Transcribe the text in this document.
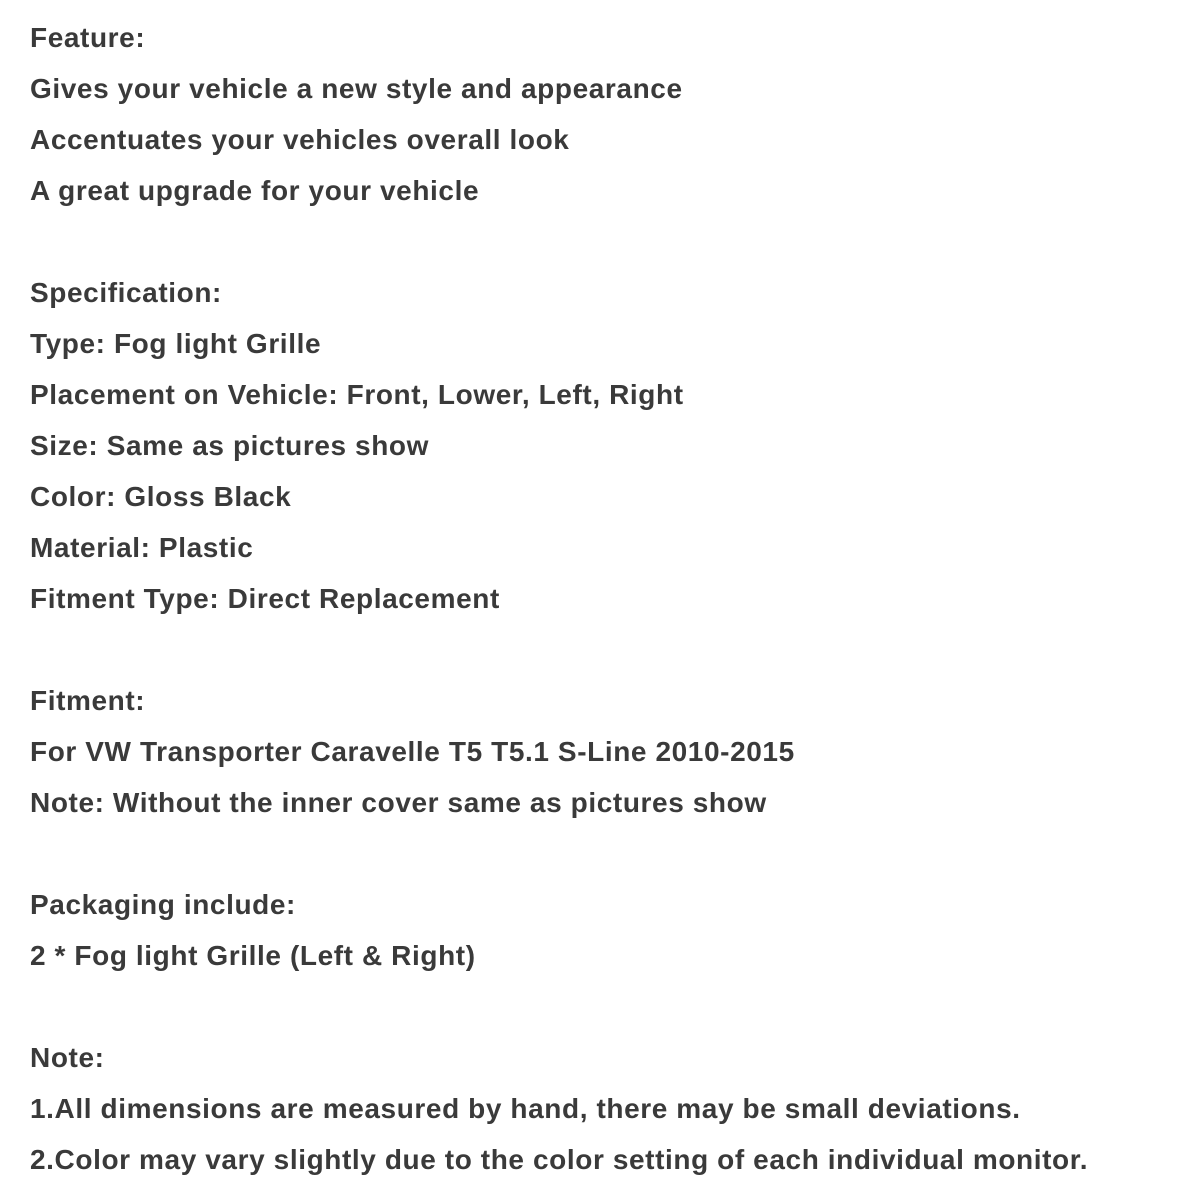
Feature:
Gives your vehicle a new style and appearance
Accentuates your vehicles overall look
A great upgrade for your vehicle
Specification:
Type: Fog light Grille
Placement on Vehicle: Front, Lower, Left, Right
Size: Same as pictures show
Color: Gloss Black
Material: Plastic
Fitment Type: Direct Replacement
Fitment:
For VW Transporter Caravelle T5 T5.1 S-Line 2010-2015
Note: Without the inner cover same as pictures show
Packaging include:
2 * Fog light Grille (Left & Right)
Note:
1.All dimensions are measured by hand, there may be small deviations.
2.Color may vary slightly due to the color setting of each individual monitor.
